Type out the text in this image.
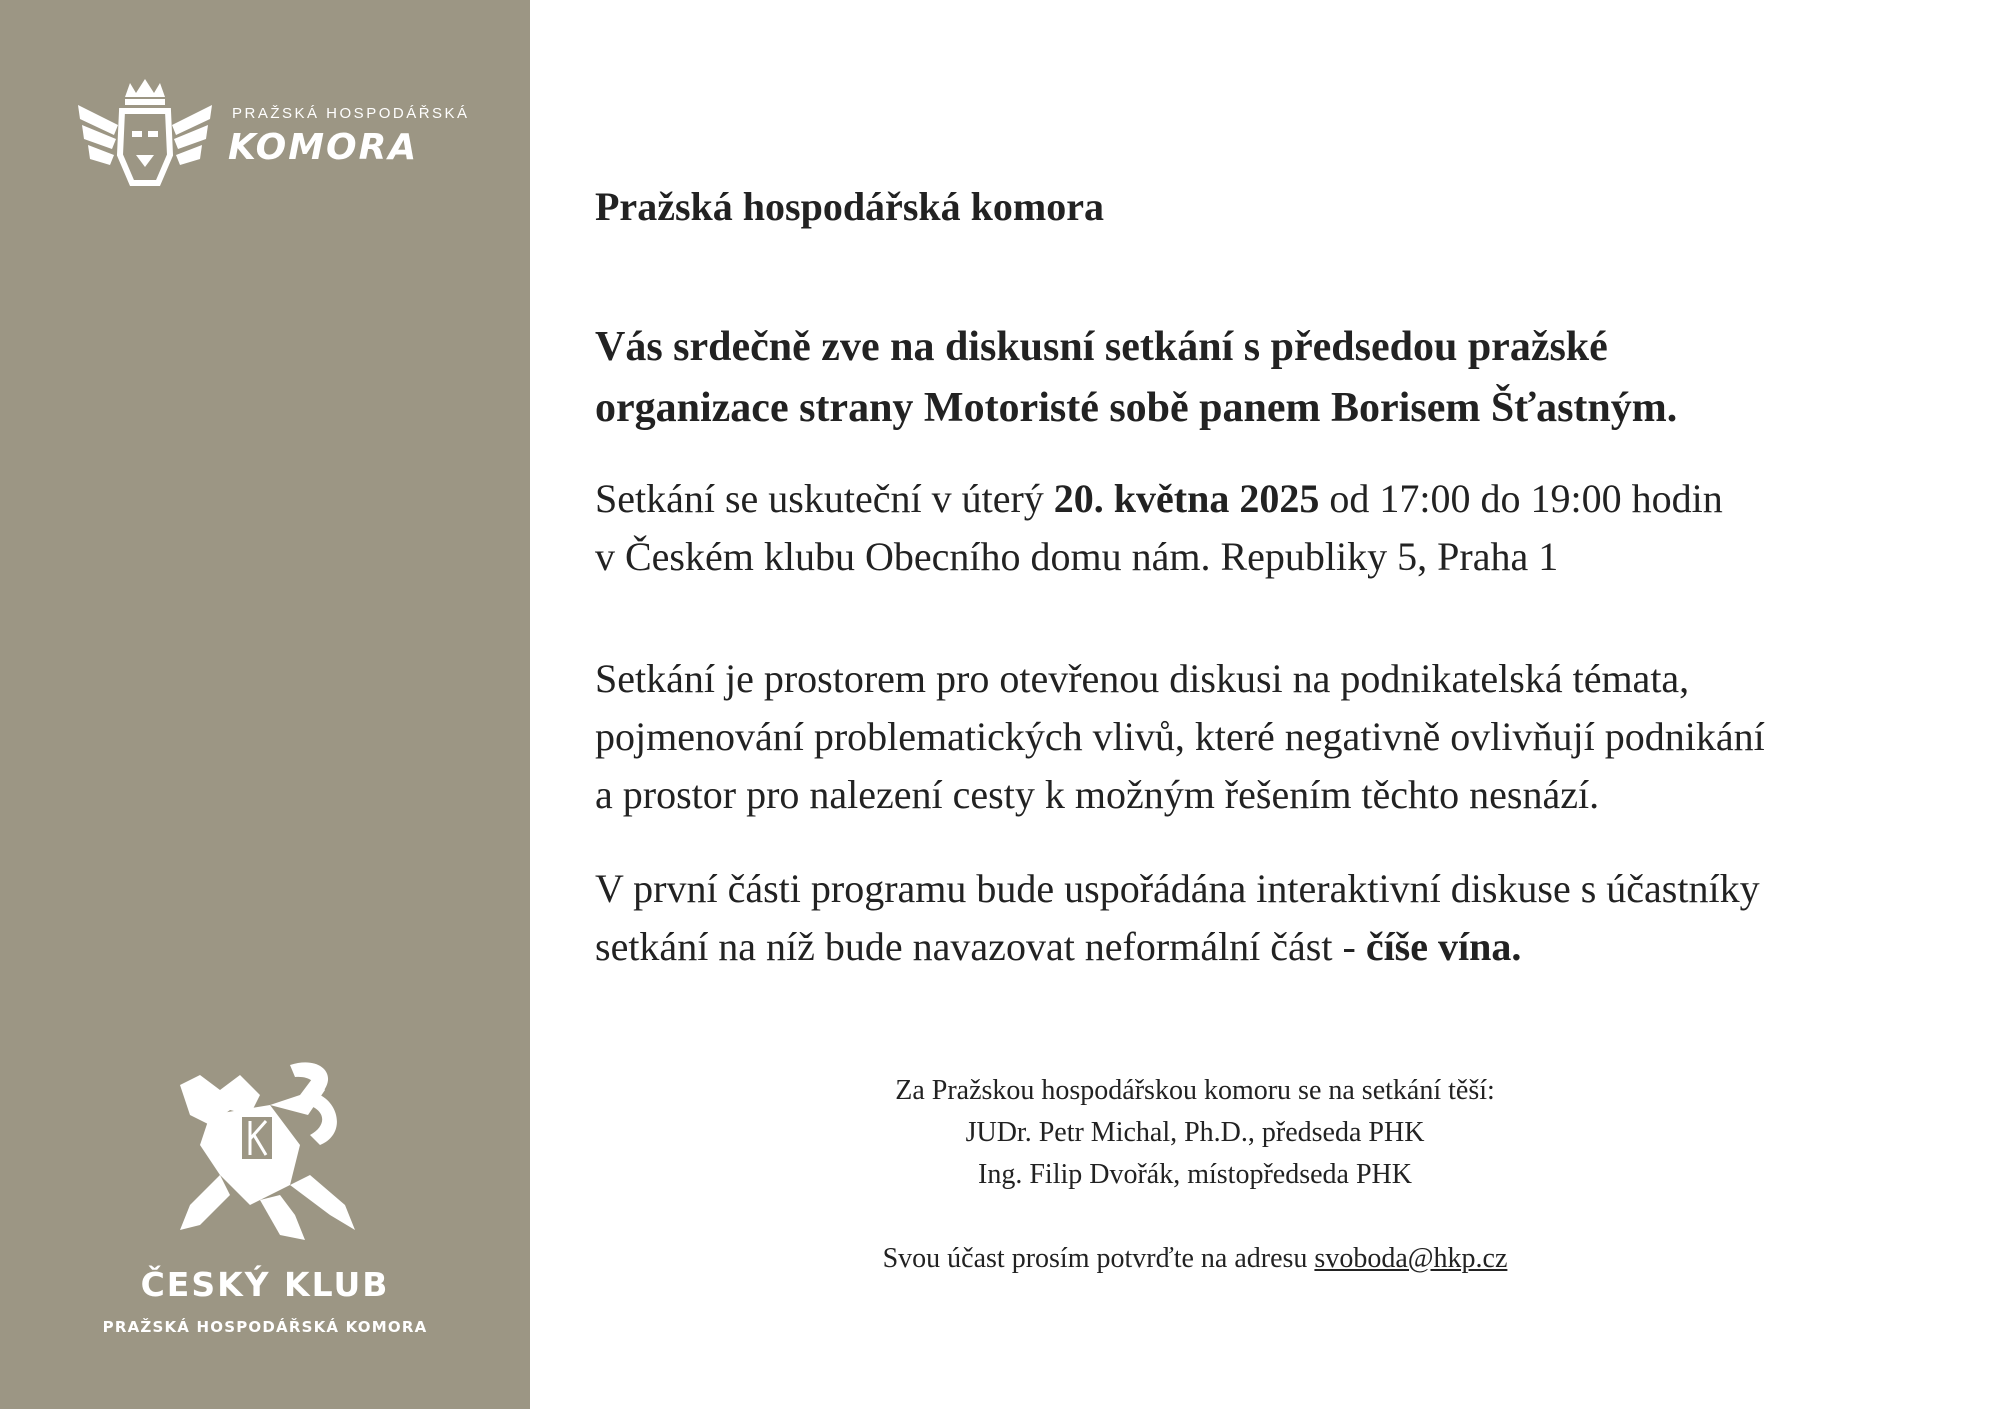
PRAŽSKÁ HOSPODÁŘSKÁ
KOMORA
ČESKÝ KLUB
PRAŽSKÁ HOSPODÁŘSKÁ KOMORA
Pražská hospodářská komora
Vás srdečně zve na diskusní setkání s předsedou pražské
organizace strany Motoristé sobě panem Borisem Šťastným.
Setkání se uskuteční v úterý 20. května 2025 od 17:00 do 19:00 hodin
v Českém klubu Obecního domu nám. Republiky 5, Praha 1
Setkání je prostorem pro otevřenou diskusi na podnikatelská témata,
pojmenování problematických vlivů, které negativně ovlivňují podnikání
a prostor pro nalezení cesty k možným řešením těchto nesnází.
V první části programu bude uspořádána interaktivní diskuse s účastníky
setkání na níž bude navazovat neformální část - číše vína.
Za Pražskou hospodářskou komoru se na setkání těší:
JUDr. Petr Michal, Ph.D., předseda PHK
Ing. Filip Dvořák, místopředseda PHK
Svou účast prosím potvrďte na adresu svoboda@hkp.cz
